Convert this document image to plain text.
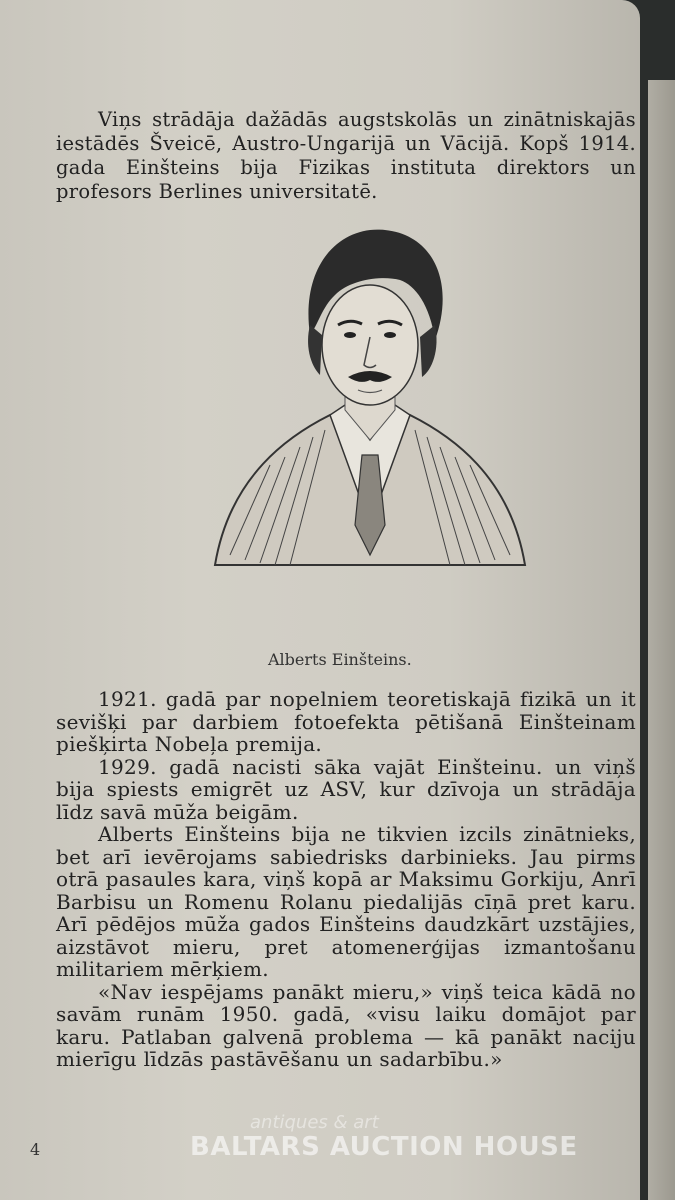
Viņs strādāja dažādās augstskolās un zinātniskajās iestādēs Šveicē, Austro-Ungarijā un Vācijā. Kopš 1914. gada Einšteins bija Fizikas instituta direktors un profesors Berlines universitatē.

Alberts Einšteins.

1921. gadā par nopelniem teoretiskajā fizikā un it sevišķi par darbiem fotoefekta pētišanā Einšteinam piešķirta Nobeļa premija.

1929. gadā nacisti sāka vajāt Einšteinu. un viņš bija spiests emigrēt uz ASV, kur dzīvoja un strādāja līdz savā mūža beigām.

Alberts Einšteins bija ne tikvien izcils zinātnieks, bet arī ievērojams sabiedrisks darbinieks. Jau pirms otrā pasaules kara, viņš kopā ar Maksimu Gorkiju, Anrī Barbisu un Romenu Rolanu piedalijās cīņā pret karu. Arī pēdējos mūža gados Einšteins daudzkārt uzstājies, aizstāvot mieru, pret atomenerģijas izmantošanu militariem mērķiem.

«Nav iespējams panākt mieru,» viņš teica kādā no savām runām 1950. gadā, «visu laiku domājot par karu. Patlaban galvenā problema — kā panākt naciju mierīgu līdzās pastāvēšanu un sadarbību.»

4
antiques & art
BALTARS AUCTION HOUSE
